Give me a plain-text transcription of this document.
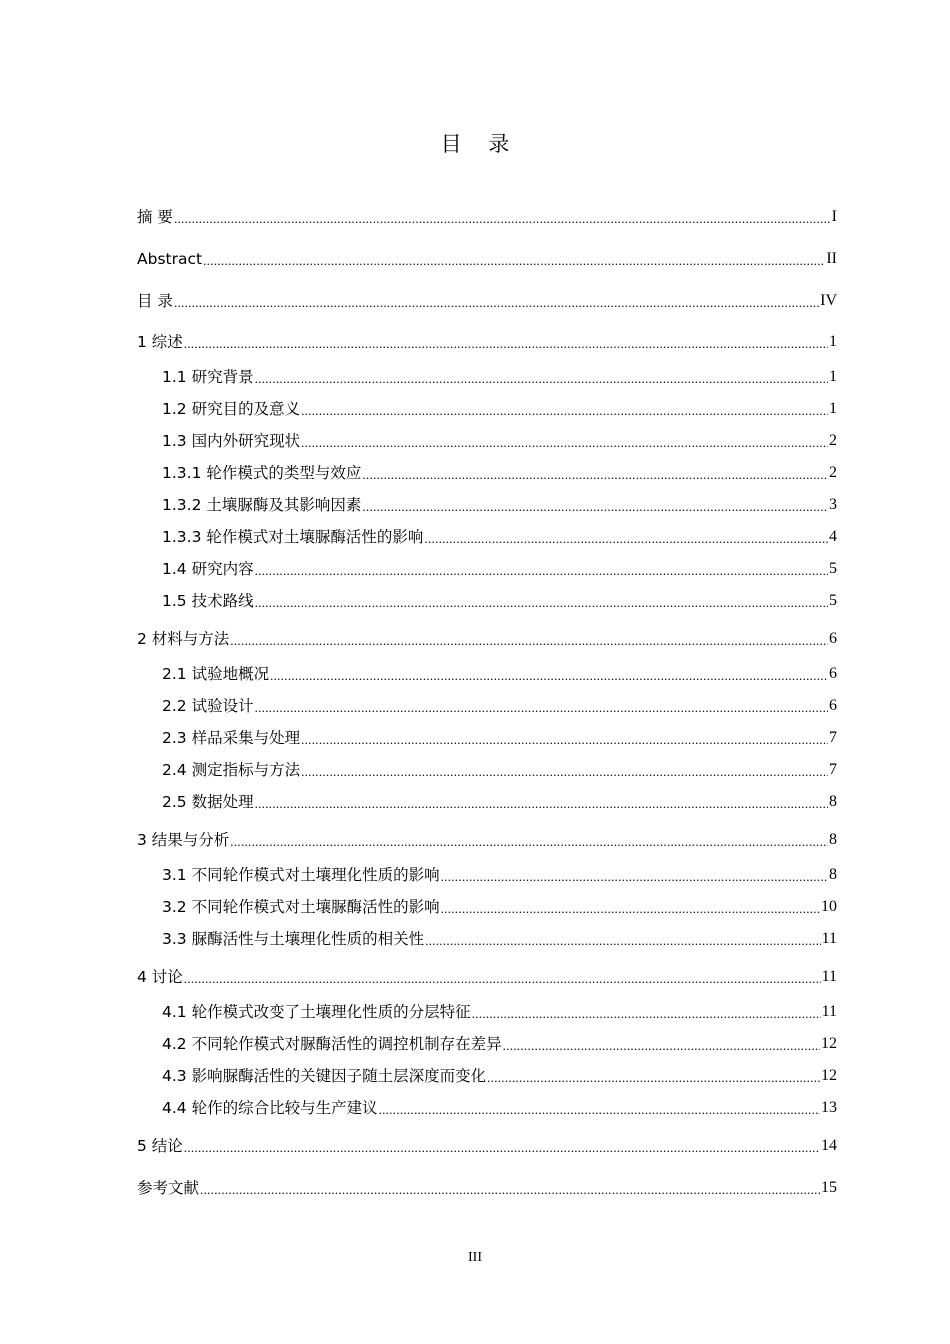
目 录
摘 要 .....	I
Abstract .....	II
目 录 .....	IV
1 综述 .....	1
1.1 研究背景 .....	1
1.2 研究目的及意义 .....	1
1.3 国内外研究现状 .....	2
1.3.1 轮作模式的类型与效应 .....	2
1.3.2 土壤脲酶及其影响因素 .....	3
1.3.3 轮作模式对土壤脲酶活性的影响 .....	4
1.4 研究内容 .....	5
1.5 技术路线 .....	5
2 材料与方法 .....	6
2.1 试验地概况 .....	6
2.2 试验设计 .....	6
2.3 样品采集与处理 .....	7
2.4 测定指标与方法 .....	7
2.5 数据处理 .....	8
3 结果与分析 .....	8
3.1 不同轮作模式对土壤理化性质的影响 .....	8
3.2 不同轮作模式对土壤脲酶活性的影响 .....	10
3.3 脲酶活性与土壤理化性质的相关性 .....	11
4 讨论 .....	11
4.1 轮作模式改变了土壤理化性质的分层特征 .....	11
4.2 不同轮作模式对脲酶活性的调控机制存在差异 .....	12
4.3 影响脲酶活性的关键因子随土层深度而变化 .....	12
4.4 轮作的综合比较与生产建议 .....	13
5 结论 .....	14
参考文献 .....	15
III
